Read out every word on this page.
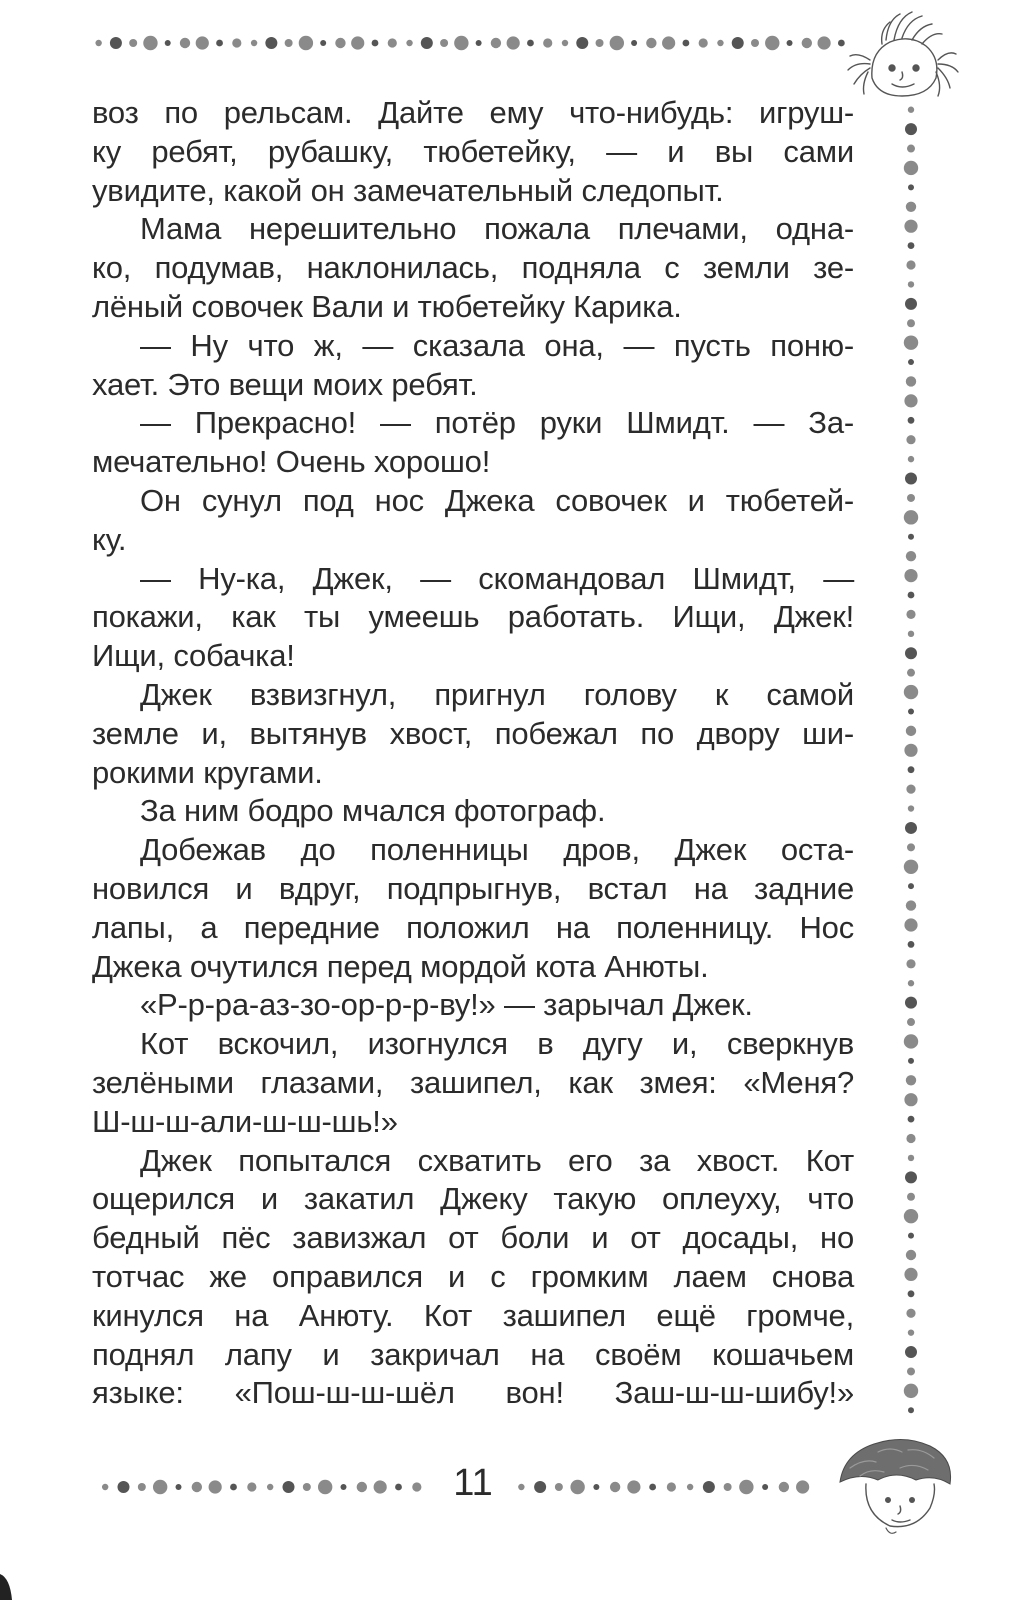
воз по рельсам. Дайте ему что-нибудь: игруш-
ку ребят, рубашку, тюбетейку, — и вы сами
увидите, какой он замечательный следопыт.
Мама нерешительно пожала плечами, одна-
ко, подумав, наклонилась, подняла с земли зе-
лёный совочек Вали и тюбетейку Карика.
— Ну что ж, — сказала она, — пусть поню-
хает. Это вещи моих ребят.
— Прекрасно! — потёр руки Шмидт. — За-
мечательно! Очень хорошо!
Он сунул под нос Джека совочек и тюбетей-
ку.
— Ну-ка, Джек, — скомандовал Шмидт, —
покажи, как ты умеешь работать. Ищи, Джек!
Ищи, собачка!
Джек взвизгнул, пригнул голову к самой
земле и, вытянув хвост, побежал по двору ши-
рокими кругами.
За ним бодро мчался фотограф.
Добежав до поленницы дров, Джек оста-
новился и вдруг, подпрыгнув, встал на задние
лапы, а передние положил на поленницу. Нос
Джека очутился перед мордой кота Анюты.
«Р-р-ра-аз-зо-ор-р-р-ву!» — зарычал Джек.
Кот вскочил, изогнулся в дугу и, сверкнув
зелёными глазами, зашипел, как змея: «Меня?
Ш-ш-ш-али-ш-ш-шь!»
Джек попытался схватить его за хвост. Кот
ощерился и закатил Джеку такую оплеуху, что
бедный пёс завизжал от боли и от досады, но
тотчас же оправился и с громким лаем снова
кинулся на Анюту. Кот зашипел ещё громче,
поднял лапу и закричал на своём кошачьем
языке: «Пош-ш-ш-шёл вон! Заш-ш-ш-шибу!»
11
